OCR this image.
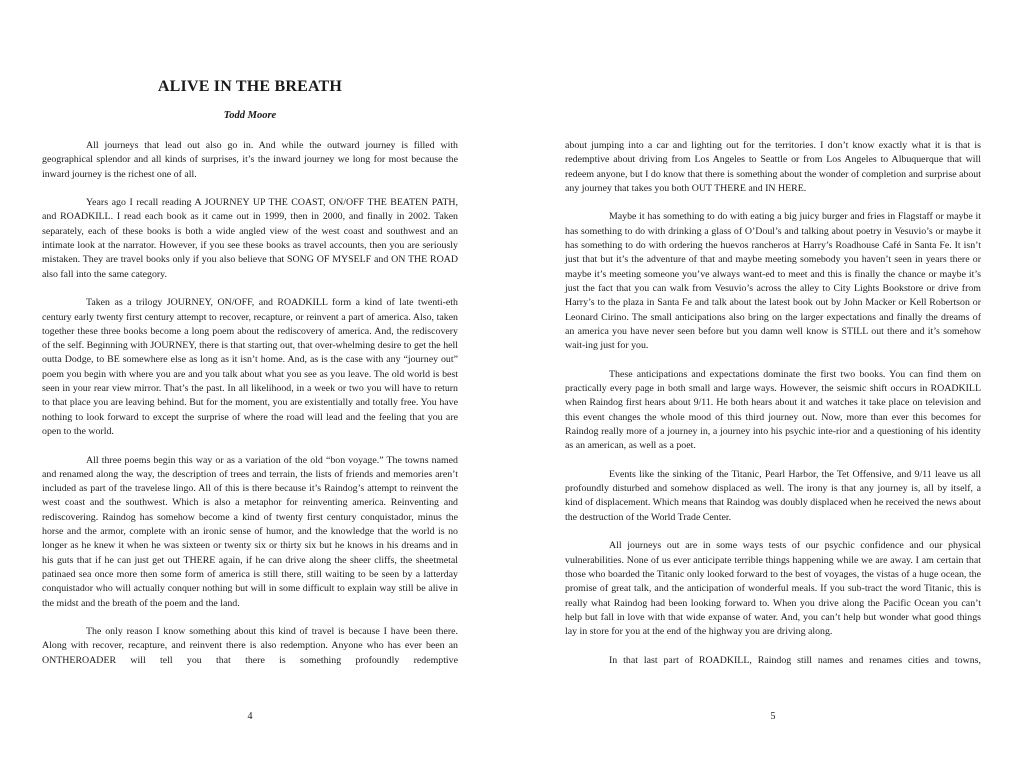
ALIVE IN THE BREATH
Todd Moore

All journeys that lead out also go in. And while the outward journey is filled with geographical splendor and all kinds of surprises, it’s the inward journey we long for most because the inward journey is the richest one of all.

Years ago I recall reading A JOURNEY UP THE COAST, ON/OFF THE BEATEN PATH, and ROADKILL. I read each book as it came out in 1999, then in 2000, and finally in 2002. Taken separately, each of these books is both a wide angled view of the west coast and southwest and an intimate look at the narrator. However, if you see these books as travel accounts, then you are seriously mistaken. They are travel books only if you also believe that SONG OF MYSELF and ON THE ROAD also fall into the same category.

Taken as a trilogy JOURNEY, ON/OFF, and ROADKILL form a kind of late twenti-eth century early twenty first century attempt to recover, recapture, or reinvent a part of america. Also, taken together these three books become a long poem about the rediscovery of america. And, the rediscovery of the self. Beginning with JOURNEY, there is that starting out, that over-whelming desire to get the hell outta Dodge, to BE somewhere else as long as it isn’t home. And, as is the case with any “journey out” poem you begin with where you are and you talk about what you see as you leave. The old world is best seen in your rear view mirror. That’s the past. In all likelihood, in a week or two you will have to return to that place you are leaving behind. But for the moment, you are existentially and totally free. You have nothing to look forward to except the surprise of where the road will lead and the feeling that you are open to the world.

All three poems begin this way or as a variation of the old “bon voyage.” The towns named and renamed along the way, the description of trees and terrain, the lists of friends and memories aren’t included as part of the travelese lingo. All of this is there because it’s Raindog’s attempt to reinvent the west coast and the southwest. Which is also a metaphor for reinventing america. Reinventing and rediscovering. Raindog has somehow become a kind of twenty first century conquistador, minus the horse and the armor, complete with an ironic sense of humor, and the knowledge that the world is no longer as he knew it when he was sixteen or twenty six or thirty six but he knows in his dreams and in his guts that if he can just get out THERE again, if he can drive along the sheer cliffs, the sheetmetal patinaed sea once more then some form of america is still there, still waiting to be seen by a latterday conquistador who will actually conquer nothing but will in some difficult to explain way still be alive in the midst and the breath of the poem and the land.

The only reason I know something about this kind of travel is because I have been there. Along with recover, recapture, and reinvent there is also redemption. Anyone who has ever been an ONTHEROADER will tell you that there is something profoundly redemptive

4

about jumping into a car and lighting out for the territories. I don’t know exactly what it is that is redemptive about driving from Los Angeles to Seattle or from Los Angeles to Albuquerque that will redeem anyone, but I do know that there is something about the wonder of completion and surprise about any journey that takes you both OUT THERE and IN HERE.

Maybe it has something to do with eating a big juicy burger and fries in Flagstaff or maybe it has something to do with drinking a glass of O’Doul’s and talking about poetry in Vesuvio’s or maybe it has something to do with ordering the huevos rancheros at Harry’s Roadhouse Café in Santa Fe. It isn’t just that but it’s the adventure of that and maybe meeting somebody you haven’t seen in years there or maybe it’s meeting someone you’ve always want-ed to meet and this is finally the chance or maybe it’s just the fact that you can walk from Vesuvio’s across the alley to City Lights Bookstore or drive from Harry’s to the plaza in Santa Fe and talk about the latest book out by John Macker or Kell Robertson or Leonard Cirino. The small anticipations also bring on the larger expectations and finally the dreams of an america you have never seen before but you damn well know is STILL out there and it’s somehow wait-ing just for you.

These anticipations and expectations dominate the first two books. You can find them on practically every page in both small and large ways. However, the seismic shift occurs in ROADKILL when Raindog first hears about 9/11. He both hears about it and watches it take place on television and this event changes the whole mood of this third journey out. Now, more than ever this becomes for Raindog really more of a journey in, a journey into his psychic inte-rior and a questioning of his identity as an american, as well as a poet.

Events like the sinking of the Titanic, Pearl Harbor, the Tet Offensive, and 9/11 leave us all profoundly disturbed and somehow displaced as well. The irony is that any journey is, all by itself, a kind of displacement. Which means that Raindog was doubly displaced when he received the news about the destruction of the World Trade Center.

All journeys out are in some ways tests of our psychic confidence and our physical vulnerabilities. None of us ever anticipate terrible things happening while we are away. I am certain that those who boarded the Titanic only looked forward to the best of voyages, the vistas of a huge ocean, the promise of great talk, and the anticipation of wonderful meals. If you sub-tract the word Titanic, this is really what Raindog had been looking forward to. When you drive along the Pacific Ocean you can’t help but fall in love with that wide expanse of water. And, you can’t help but wonder what good things lay in store for you at the end of the highway you are driving along.

In that last part of ROADKILL, Raindog still names and renames cities and towns,

5
